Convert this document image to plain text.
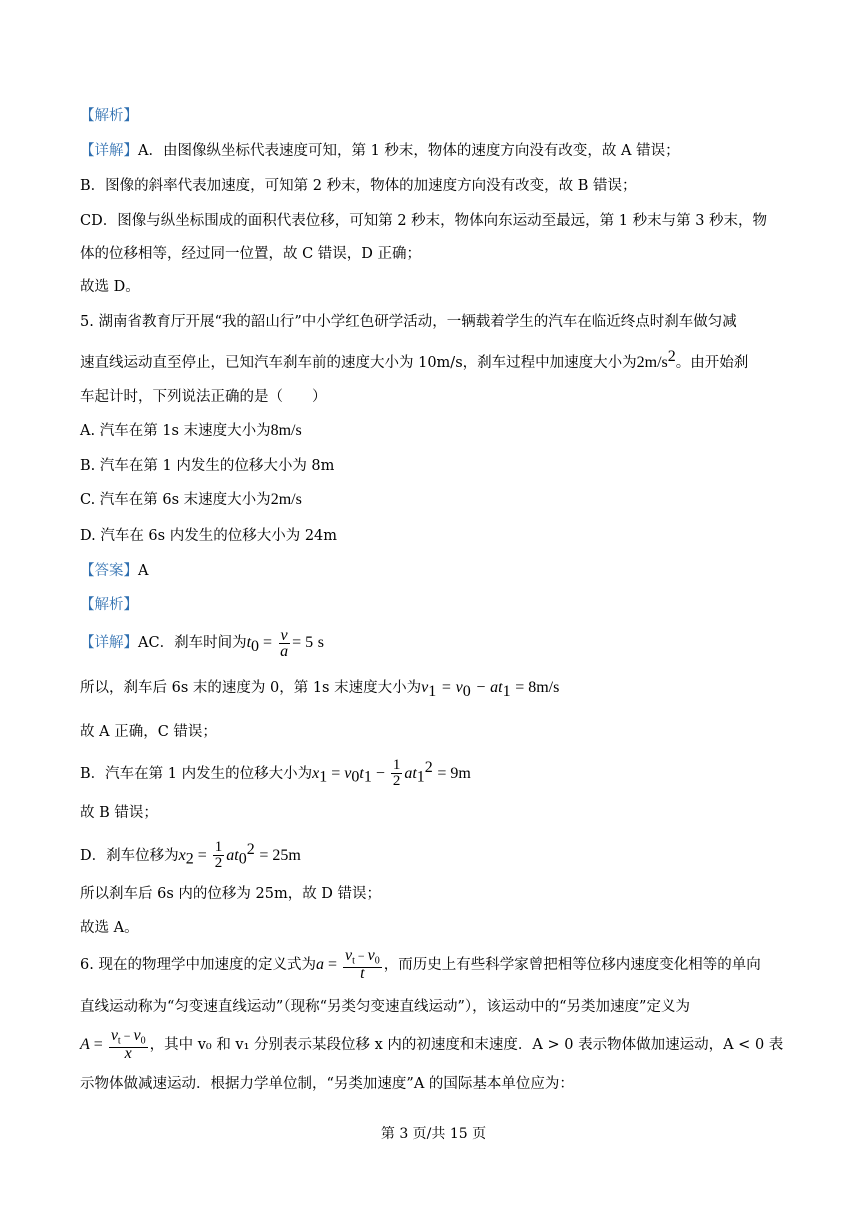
【解析】
【详解】A．由图像纵坐标代表速度可知，第 1 秒末，物体的速度方向没有改变，故 A 错误；
B．图像的斜率代表加速度，可知第 2 秒末，物体的加速度方向没有改变，故 B 错误；
CD．图像与纵坐标围成的面积代表位移，可知第 2 秒末，物体向东运动至最远，第 1 秒末与第 3 秒末，物
体的位移相等，经过同一位置，故 C 错误，D 正确；
故选 D。
5. 湖南省教育厅开展“我的韶山行”中小学红色研学活动，一辆载着学生的汽车在临近终点时刹车做匀减
速直线运动直至停止，已知汽车刹车前的速度大小为 10m/s，刹车过程中加速度大小为$2m/s^2$。由开始刹
车起计时，下列说法正确的是（　　）
A. 汽车在第 1s 末速度大小为8m/s
B. 汽车在第 1 内发生的位移大小为 8m
C. 汽车在第 6s 末速度大小为2m/s
D. 汽车在 6s 内发生的位移大小为 24m
【答案】A
【解析】
【详解】AC．刹车时间为$t_0 = \frac{v}{a} = 5$ s
所以，刹车后 6s 末的速度为 0，第 1s 末速度大小为$v_1 = v_0 - at_1 = 8m/s$
故 A 正确，C 错误；
B．汽车在第 1 内发生的位移大小为$x_1 = v_0t_1 - \frac{1}{2} at_1^2 = 9m$
故 B 错误；
D．刹车位移为$x_2 = \frac{1}{2} at_0^2 = 25m$
所以刹车后 6s 内的位移为 25m，故 D 错误；
故选 A。
6. 现在的物理学中加速度的定义式为$a = \frac{v_t - v_0}{t}$ ，而历史上有些科学家曾把相等位移内速度变化相等的单向
直线运动称为“匀变速直线运动”（现称“另类匀变速直线运动”），该运动中的“另类加速度”定义为
$A = \frac{v_t - v_0}{x}$ ，其中 v₀ 和 v₁ 分别表示某段位移 x 内的初速度和末速度．A > 0 表示物体做加速运动，A < 0 表
示物体做减速运动．根据力学单位制，“另类加速度”A 的国际基本单位应为：
第 3 页/共 15 页
